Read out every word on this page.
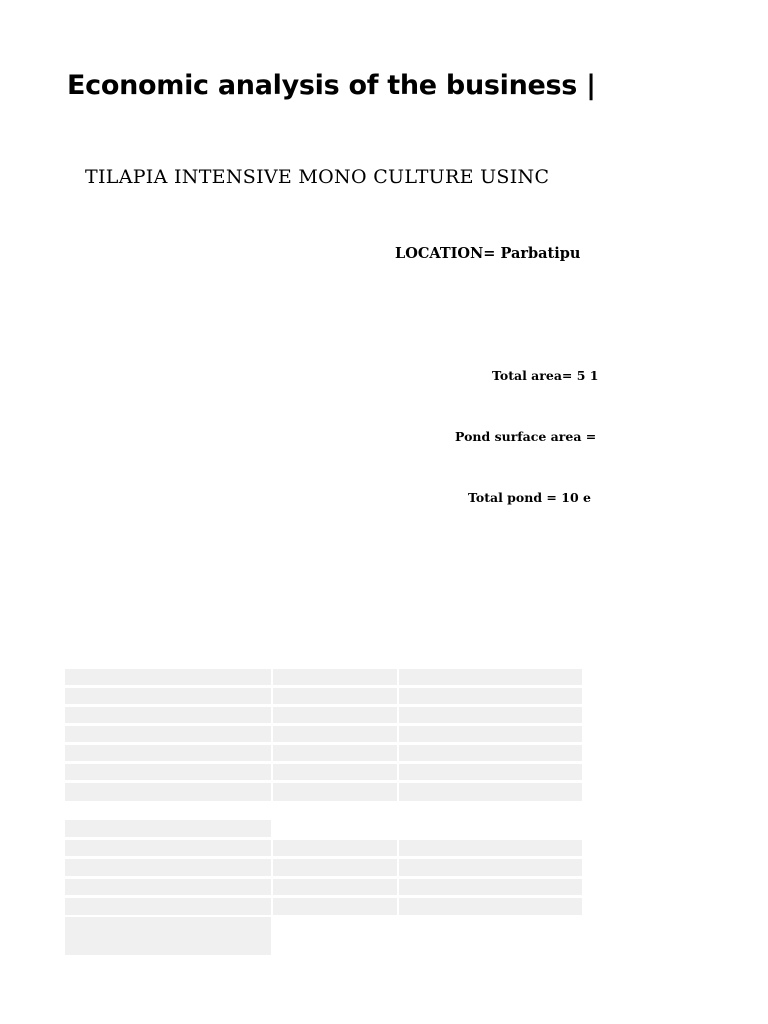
Economic analysis of the business |
TILAPIA INTENSIVE MONO CULTURE USINC
LOCATION= Parbatipu
Total area= 5 1
Pond surface area =
Total pond = 10 e
